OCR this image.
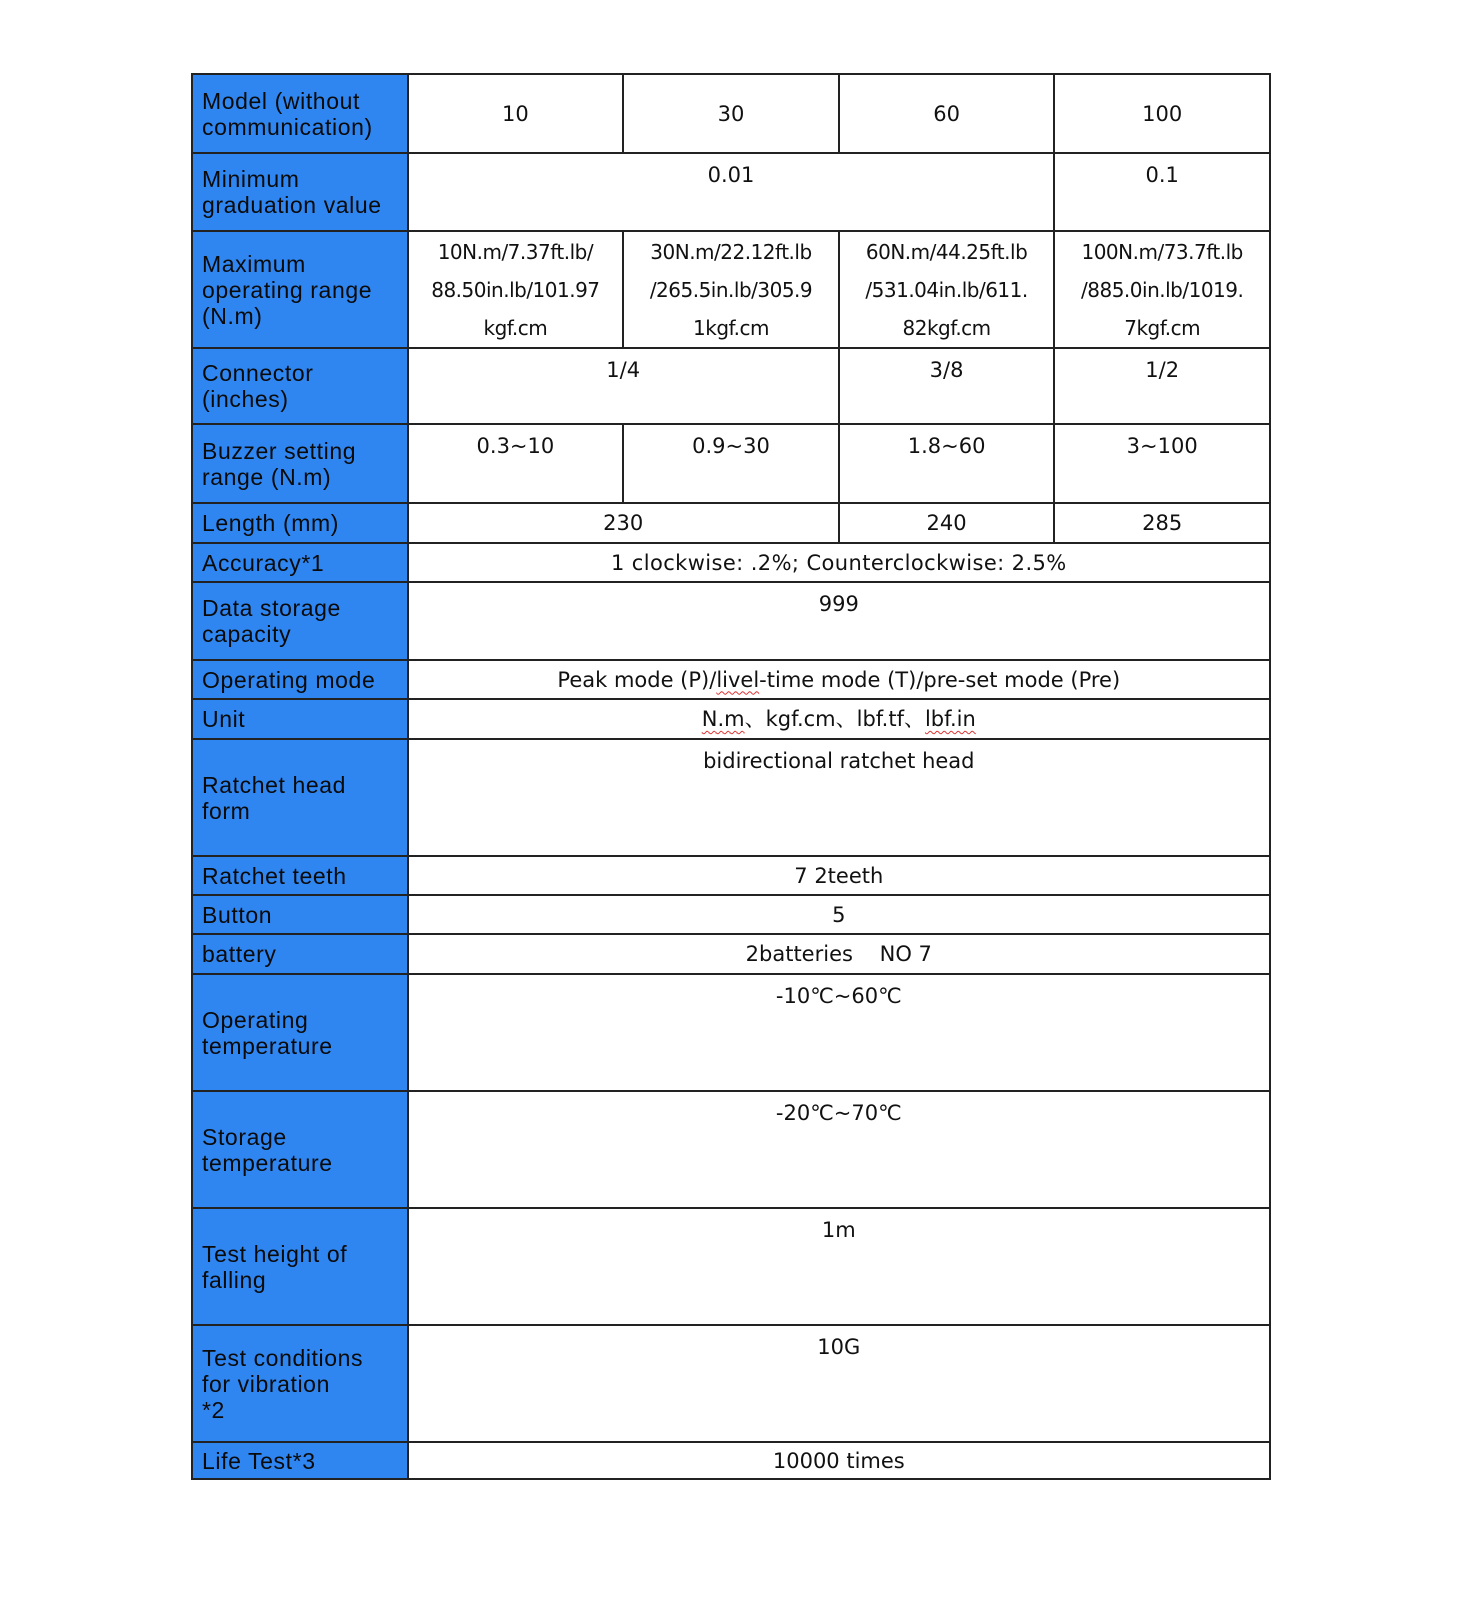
Model (without
communication)	10	30	60	100
Minimum
graduation value	0.01			0.1
Maximum
operating range
(N.m)	10N.m/7.37ft.lb/ 88.50in.lb/101.97 kgf.cm	30N.m/22.12ft.lb /265.5in.lb/305.9 1kgf.cm	60N.m/44.25ft.lb /531.04in.lb/611. 82kgf.cm	100N.m/73.7ft.lb /885.0in.lb/1019. 7kgf.cm
Connector
(inches)	1/4		3/8	1/2
Buzzer setting
range (N.m)	0.3~10	0.9~30	1.8~60	3~100
Length (mm)	230		240	285
Accuracy*1	1 clockwise: .2%; Counterclockwise: 2.5%			
Data storage
capacity	999			
Operating mode	Peak mode (P)/livel-time mode (T)/pre-set mode (Pre)			
Unit	N.m、kgf.cm、lbf.tf、lbf.in			
Ratchet head
form	bidirectional ratchet head			
Ratchet teeth	7 2teeth			
Button	5			
battery	2batteries    NO 7			
Operating
temperature	-10℃~60℃			
Storage
temperature	-20℃~70℃			
Test height of
falling	1m			
Test conditions
for vibration
*2	10G			
Life Test*3	10000 times			
